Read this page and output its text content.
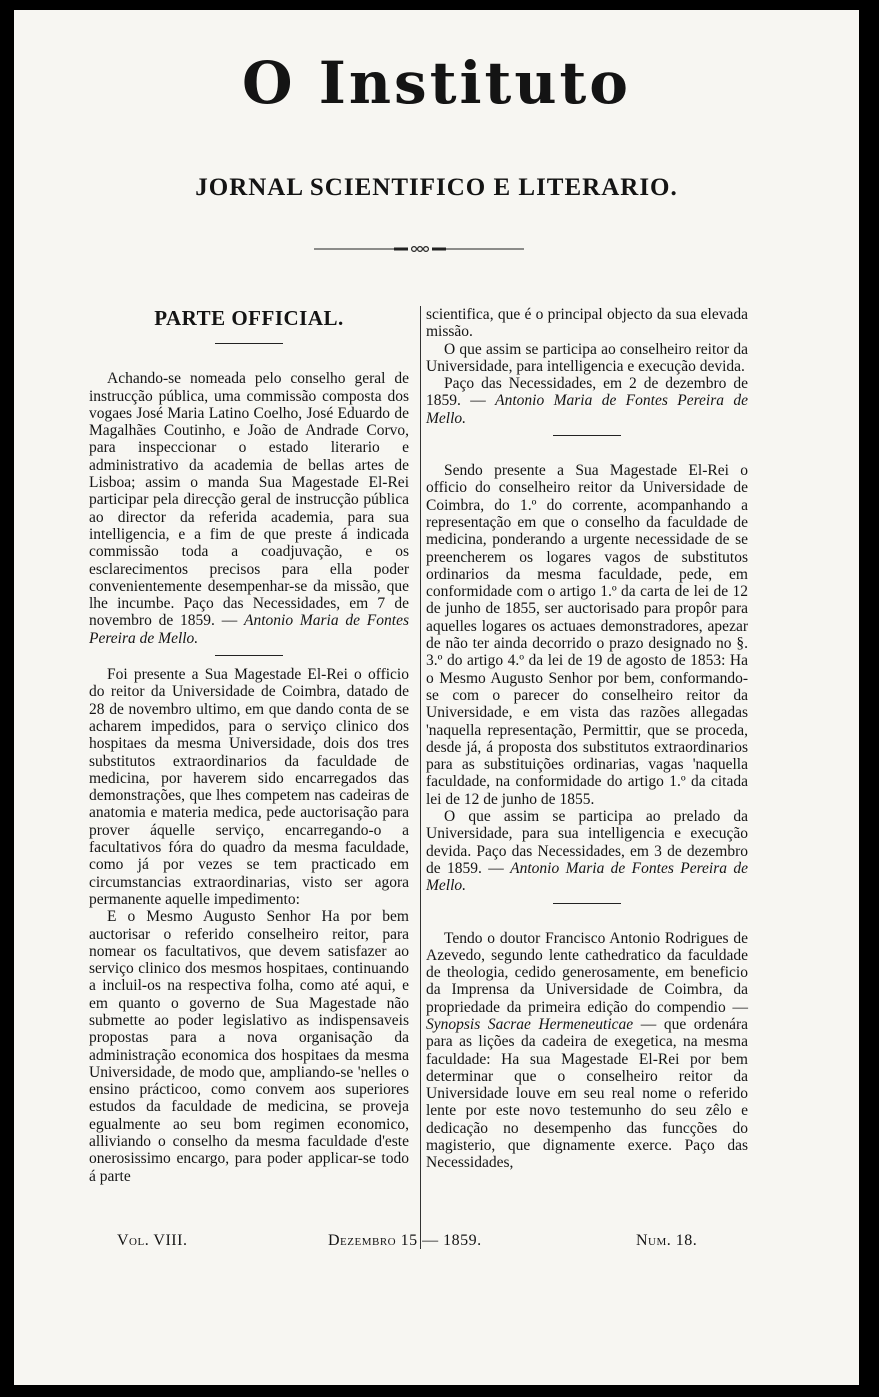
O Instituto
JORNAL SCIENTIFICO E LITERARIO.
PARTE OFFICIAL.

Achando-se nomeada pelo conselho geral de instrucção pública, uma commissão composta dos vogaes José Maria Latino Coelho, José Eduardo de Magalhães Coutinho, e João de Andrade Corvo, para inspeccionar o estado literario e administrativo da academia de bellas artes de Lisboa; assim o manda Sua Magestade El-Rei participar pela direcção geral de instrucção pública ao director da referida academia, para sua intelligencia, e a fim de que preste á indicada commissão toda a coadjuvação, e os esclarecimentos precisos para ella poder convenientemente desempenhar-se da missão, que lhe incumbe. Paço das Necessidades, em 7 de novembro de 1859. — Antonio Maria de Fontes Pereira de Mello.

Foi presente a Sua Magestade El-Rei o officio do reitor da Universidade de Coimbra, datado de 28 de novembro ultimo, em que dando conta de se acharem impedidos, para o serviço clinico dos hospitaes da mesma Universidade, dois dos tres substitutos extraordinarios da faculdade de medicina, por haverem sido encarregados das demonstrações, que lhes competem nas cadeiras de anatomia e materia medica, pede auctorisação para prover áquelle serviço, encarregando-o a facultativos fóra do quadro da mesma faculdade, como já por vezes se tem practicado em circumstancias extraordinarias, visto ser agora permanente aquelle impedimento:

E o Mesmo Augusto Senhor Ha por bem auctorisar o referido conselheiro reitor, para nomear os facultativos, que devem satisfazer ao serviço clinico dos mesmos hospitaes, continuando a incluil-os na respectiva folha, como até aqui, e em quanto o governo de Sua Magestade não submette ao poder legislativo as indispensaveis propostas para a nova organisação da administração economica dos hospitaes da mesma Universidade, de modo que, ampliando-se 'nelles o ensino prácticoo, como convem aos superiores estudos da faculdade de medicina, se proveja egualmente ao seu bom regimen economico, alliviando o conselho da mesma faculdade d'este onerosissimo encargo, para poder applicar-se todo á parte

scientifica, que é o principal objecto da sua elevada missão.

O que assim se participa ao conselheiro reitor da Universidade, para intelligencia e execução devida.

Paço das Necessidades, em 2 de dezembro de 1859. — Antonio Maria de Fontes Pereira de Mello.

Sendo presente a Sua Magestade El-Rei o officio do conselheiro reitor da Universidade de Coimbra, do 1.º do corrente, acompanhando a representação em que o conselho da faculdade de medicina, ponderando a urgente necessidade de se preencherem os logares vagos de substitutos ordinarios da mesma faculdade, pede, em conformidade com o artigo 1.º da carta de lei de 12 de junho de 1855, ser auctorisado para propôr para aquelles logares os actuaes demonstradores, apezar de não ter ainda decorrido o prazo designado no §. 3.º do artigo 4.º da lei de 19 de agosto de 1853: Ha o Mesmo Augusto Senhor por bem, conformando-se com o parecer do conselheiro reitor da Universidade, e em vista das razões allegadas 'naquella representação, Permittir, que se proceda, desde já, á proposta dos substitutos extraordinarios para as substituições ordinarias, vagas 'naquella faculdade, na conformidade do artigo 1.º da citada lei de 12 de junho de 1855.

O que assim se participa ao prelado da Universidade, para sua intelligencia e execução devida. Paço das Necessidades, em 3 de dezembro de 1859. — Antonio Maria de Fontes Pereira de Mello.

Tendo o doutor Francisco Antonio Rodrigues de Azevedo, segundo lente cathedratico da faculdade de theologia, cedido generosamente, em beneficio da Imprensa da Universidade de Coimbra, da propriedade da primeira edição do compendio — Synopsis Sacrae Hermeneuticae — que ordenára para as lições da cadeira de exegetica, na mesma faculdade: Ha sua Magestade El-Rei por bem determinar que o conselheiro reitor da Universidade louve em seu real nome o referido lente por este novo testemunho do seu zêlo e dedicação no desempenho das funcções do magisterio, que dignamente exerce. Paço das Necessidades,

Vol. VIII.	Dezembro 15 — 1859.	Num. 18.
